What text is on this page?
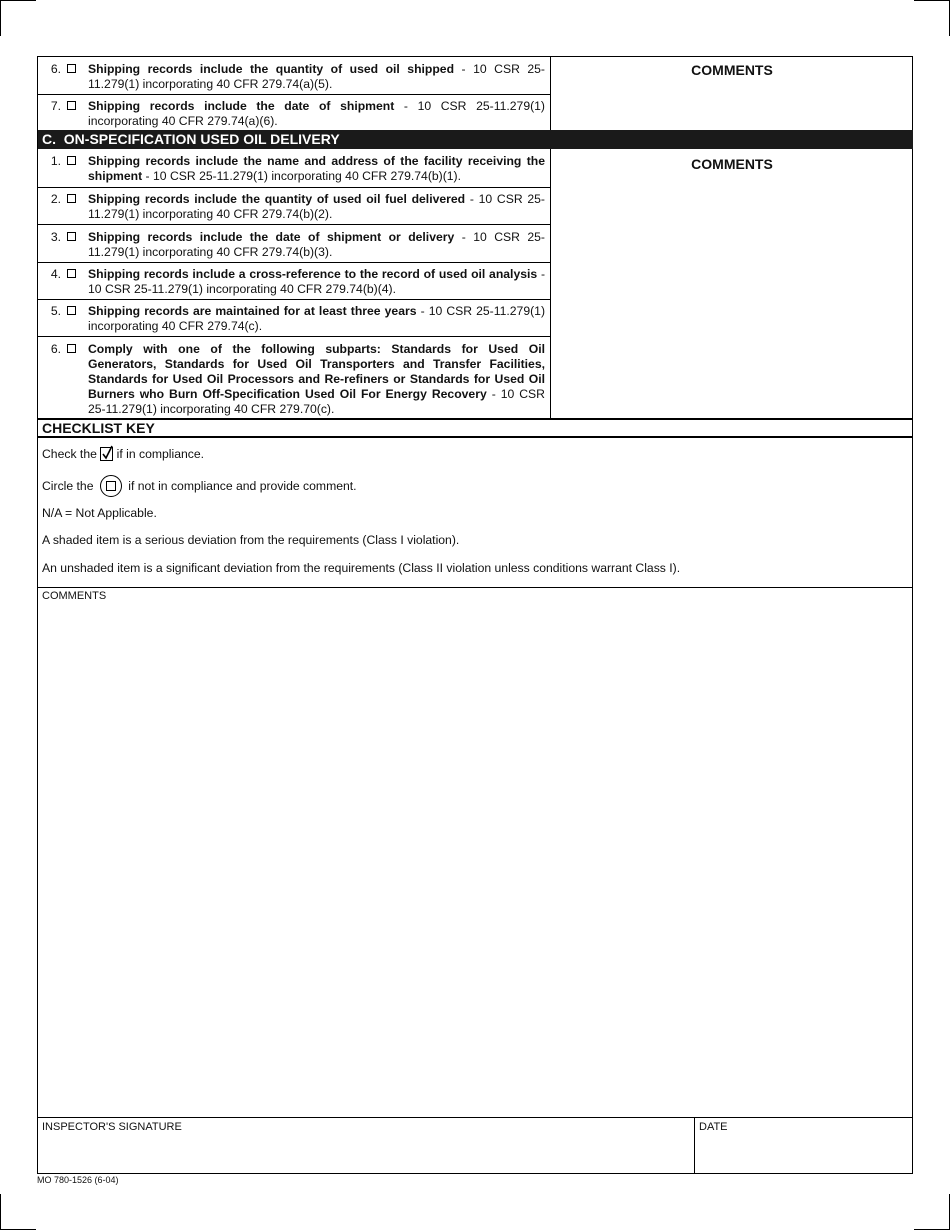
6. Shipping records include the quantity of used oil shipped - 10 CSR 25-11.279(1) incorporating 40 CFR 279.74(a)(5).
7. Shipping records include the date of shipment - 10 CSR 25-11.279(1) incorporating 40 CFR 279.74(a)(6).
COMMENTS
C.  ON-SPECIFICATION USED OIL DELIVERY
COMMENTS
1. Shipping records include the name and address of the facility receiving the shipment - 10 CSR 25-11.279(1) incorporating 40 CFR 279.74(b)(1).
2. Shipping records include the quantity of used oil fuel delivered - 10 CSR 25-11.279(1) incorporating 40 CFR 279.74(b)(2).
3. Shipping records include the date of shipment or delivery - 10 CSR 25-11.279(1) incorporating 40 CFR 279.74(b)(3).
4. Shipping records include a cross-reference to the record of used oil analysis - 10 CSR 25-11.279(1) incorporating 40 CFR 279.74(b)(4).
5. Shipping records are maintained for at least three years - 10 CSR 25-11.279(1) incorporating 40 CFR 279.74(c).
6. Comply with one of the following subparts: Standards for Used Oil Generators, Standards for Used Oil Transporters and Transfer Facilities, Standards for Used Oil Processors and Re-refiners or Standards for Used Oil Burners who Burn Off-Specification Used Oil For Energy Recovery - 10 CSR 25-11.279(1) incorporating 40 CFR 279.70(c).
CHECKLIST KEY
Check the if in compliance.
Circle the	if not in compliance and provide comment.
N/A = Not Applicable.
A shaded item is a serious deviation from the requirements (Class I violation).
An unshaded item is a significant deviation from the requirements (Class II violation unless conditions warrant Class I).
COMMENTS
INSPECTOR'S SIGNATURE	DATE
MO 780-1526 (6-04)
